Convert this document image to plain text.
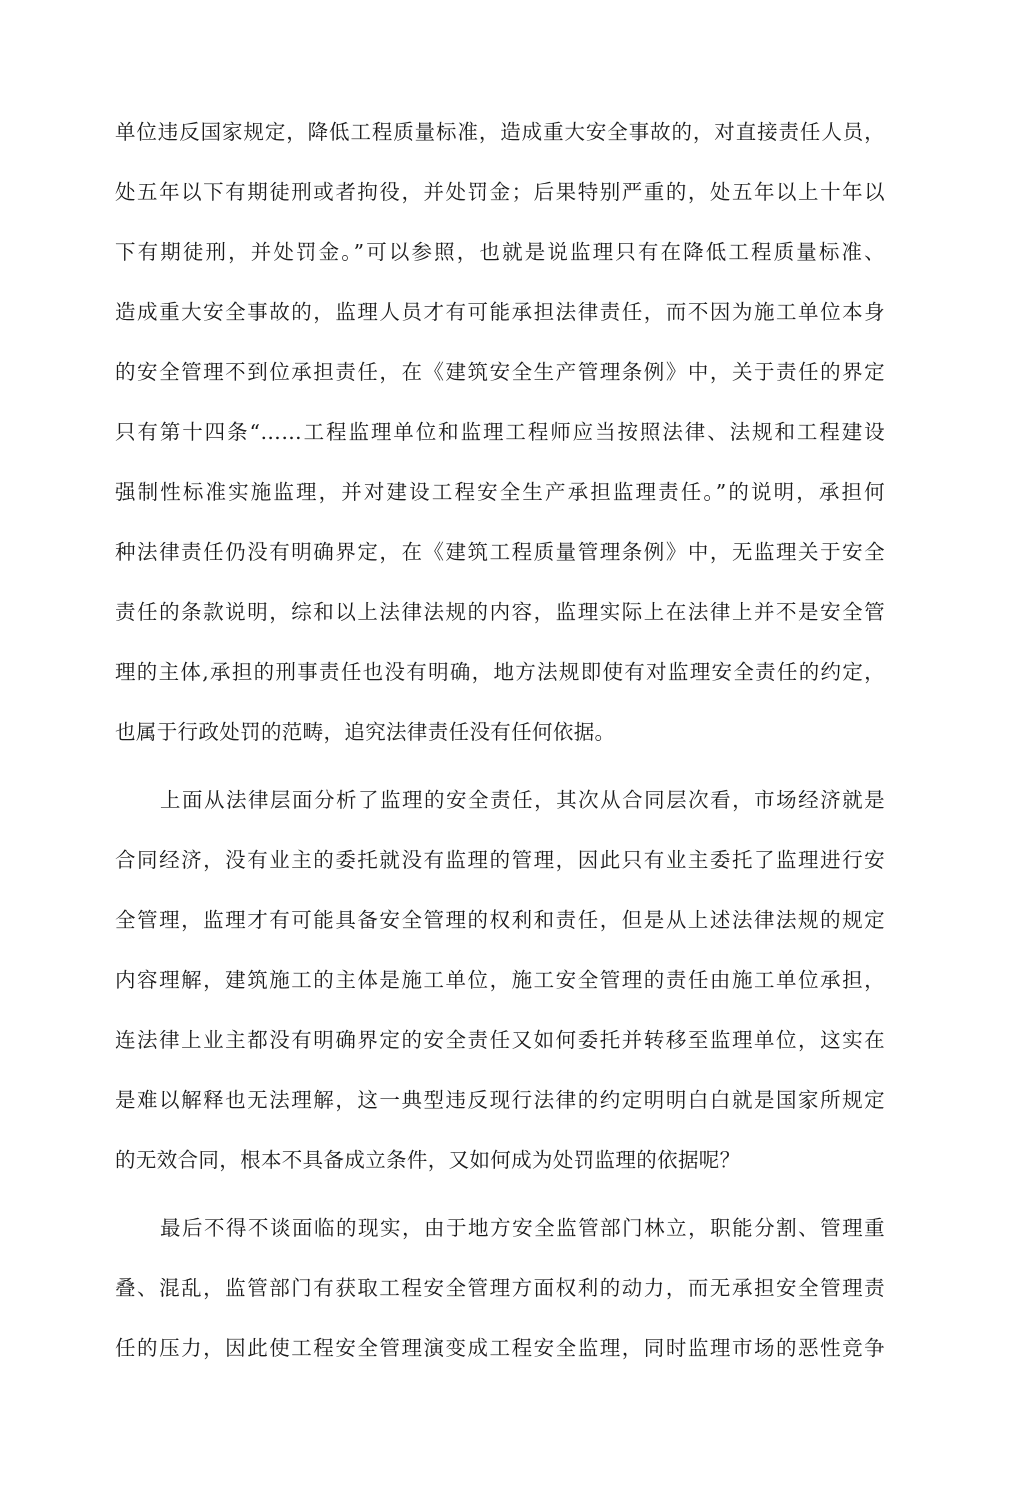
单位违反国家规定，降低工程质量标准，造成重大安全事故的，对直接责任人员，
处五年以下有期徒刑或者拘役，并处罚金；后果特别严重的，处五年以上十年以
下有期徒刑，并处罚金。”可以参照，也就是说监理只有在降低工程质量标准、
造成重大安全事故的，监理人员才有可能承担法律责任，而不因为施工单位本身
的安全管理不到位承担责任，在《建筑安全生产管理条例》中，关于责任的界定
只有第十四条“……工程监理单位和监理工程师应当按照法律、法规和工程建设
强制性标准实施监理，并对建设工程安全生产承担监理责任。”的说明，承担何
种法律责任仍没有明确界定，在《建筑工程质量管理条例》中，无监理关于安全
责任的条款说明，综和以上法律法规的内容，监理实际上在法律上并不是安全管
理的主体,承担的刑事责任也没有明确，地方法规即使有对监理安全责任的约定，
也属于行政处罚的范畴，追究法律责任没有任何依据。
上面从法律层面分析了监理的安全责任，其次从合同层次看，市场经济就是
合同经济，没有业主的委托就没有监理的管理，因此只有业主委托了监理进行安
全管理，监理才有可能具备安全管理的权利和责任，但是从上述法律法规的规定
内容理解，建筑施工的主体是施工单位，施工安全管理的责任由施工单位承担，
连法律上业主都没有明确界定的安全责任又如何委托并转移至监理单位，这实在
是难以解释也无法理解，这一典型违反现行法律的约定明明白白就是国家所规定
的无效合同，根本不具备成立条件，又如何成为处罚监理的依据呢？
最后不得不谈面临的现实，由于地方安全监管部门林立，职能分割、管理重
叠、混乱，监管部门有获取工程安全管理方面权利的动力，而无承担安全管理责
任的压力，因此使工程安全管理演变成工程安全监理，同时监理市场的恶性竞争
